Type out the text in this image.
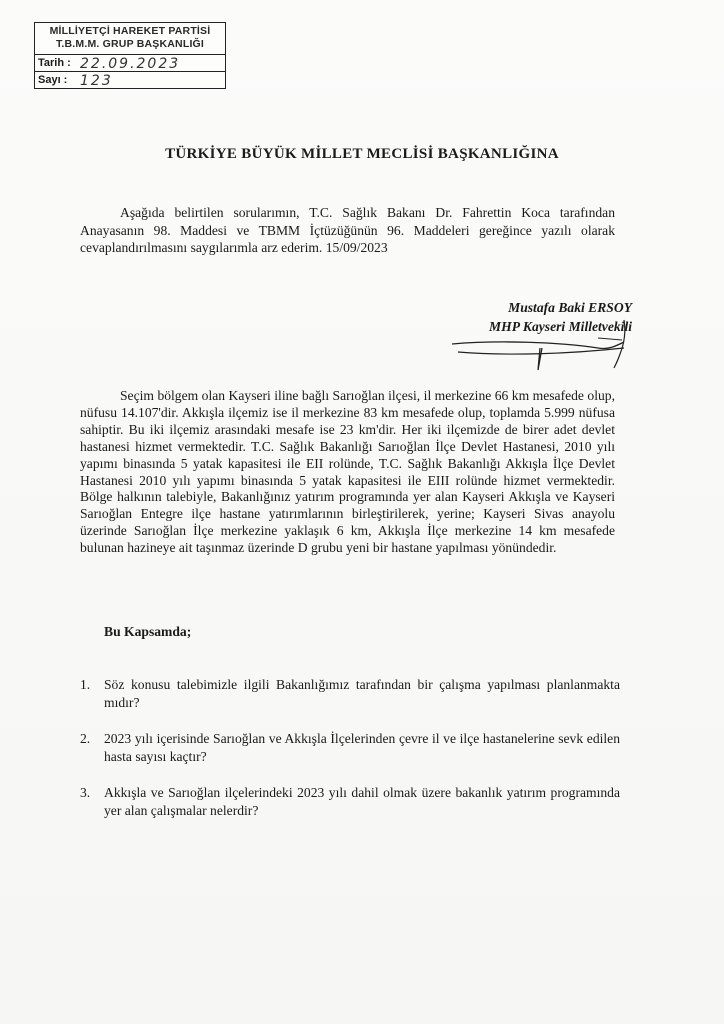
MİLLİYETÇİ HAREKET PARTİSİ
T.B.M.M. GRUP BAŞKANLIĞI
Tarih : 22.09.2023
Sayı : 123
TÜRKİYE BÜYÜK MİLLET MECLİSİ BAŞKANLIĞINA

Aşağıda belirtilen sorularımın, T.C. Sağlık Bakanı Dr. Fahrettin Koca tarafından Anayasanın 98. Maddesi ve TBMM İçtüzüğünün 96. Maddeleri gereğince yazılı olarak cevaplandırılmasını saygılarımla arz ederim. 15/09/2023

Mustafa Baki ERSOY
MHP Kayseri Milletvekili

Seçim bölgem olan Kayseri iline bağlı Sarıoğlan ilçesi, il merkezine 66 km mesafede olup, nüfusu 14.107'dir. Akkışla ilçemiz ise il merkezine 83 km mesafede olup, toplamda 5.999 nüfusa sahiptir. Bu iki ilçemiz arasındaki mesafe ise 23 km'dir. Her iki ilçemizde de birer adet devlet hastanesi hizmet vermektedir. T.C. Sağlık Bakanlığı Sarıoğlan İlçe Devlet Hastanesi, 2010 yılı yapımı binasında 5 yatak kapasitesi ile EII rolünde, T.C. Sağlık Bakanlığı Akkışla İlçe Devlet Hastanesi 2010 yılı yapımı binasında 5 yatak kapasitesi ile EIII rolünde hizmet vermektedir. Bölge halkının talebiyle, Bakanlığınız yatırım programında yer alan Kayseri Akkışla ve Kayseri Sarıoğlan Entegre ilçe hastane yatırımlarının birleştirilerek, yerine; Kayseri Sivas anayolu üzerinde Sarıoğlan İlçe merkezine yaklaşık 6 km, Akkışla İlçe merkezine 14 km mesafede bulunan hazineye ait taşınmaz üzerinde D grubu yeni bir hastane yapılması yönündedir.

Bu Kapsamda;
1.	Söz konusu talebimizle ilgili Bakanlığımız tarafından bir çalışma yapılması planlanmakta mıdır?
2.	2023 yılı içerisinde Sarıoğlan ve Akkışla İlçelerinden çevre il ve ilçe hastanelerine sevk edilen hasta sayısı kaçtır?
3.	Akkışla ve Sarıoğlan ilçelerindeki 2023 yılı dahil olmak üzere bakanlık yatırım programında yer alan çalışmalar nelerdir?
